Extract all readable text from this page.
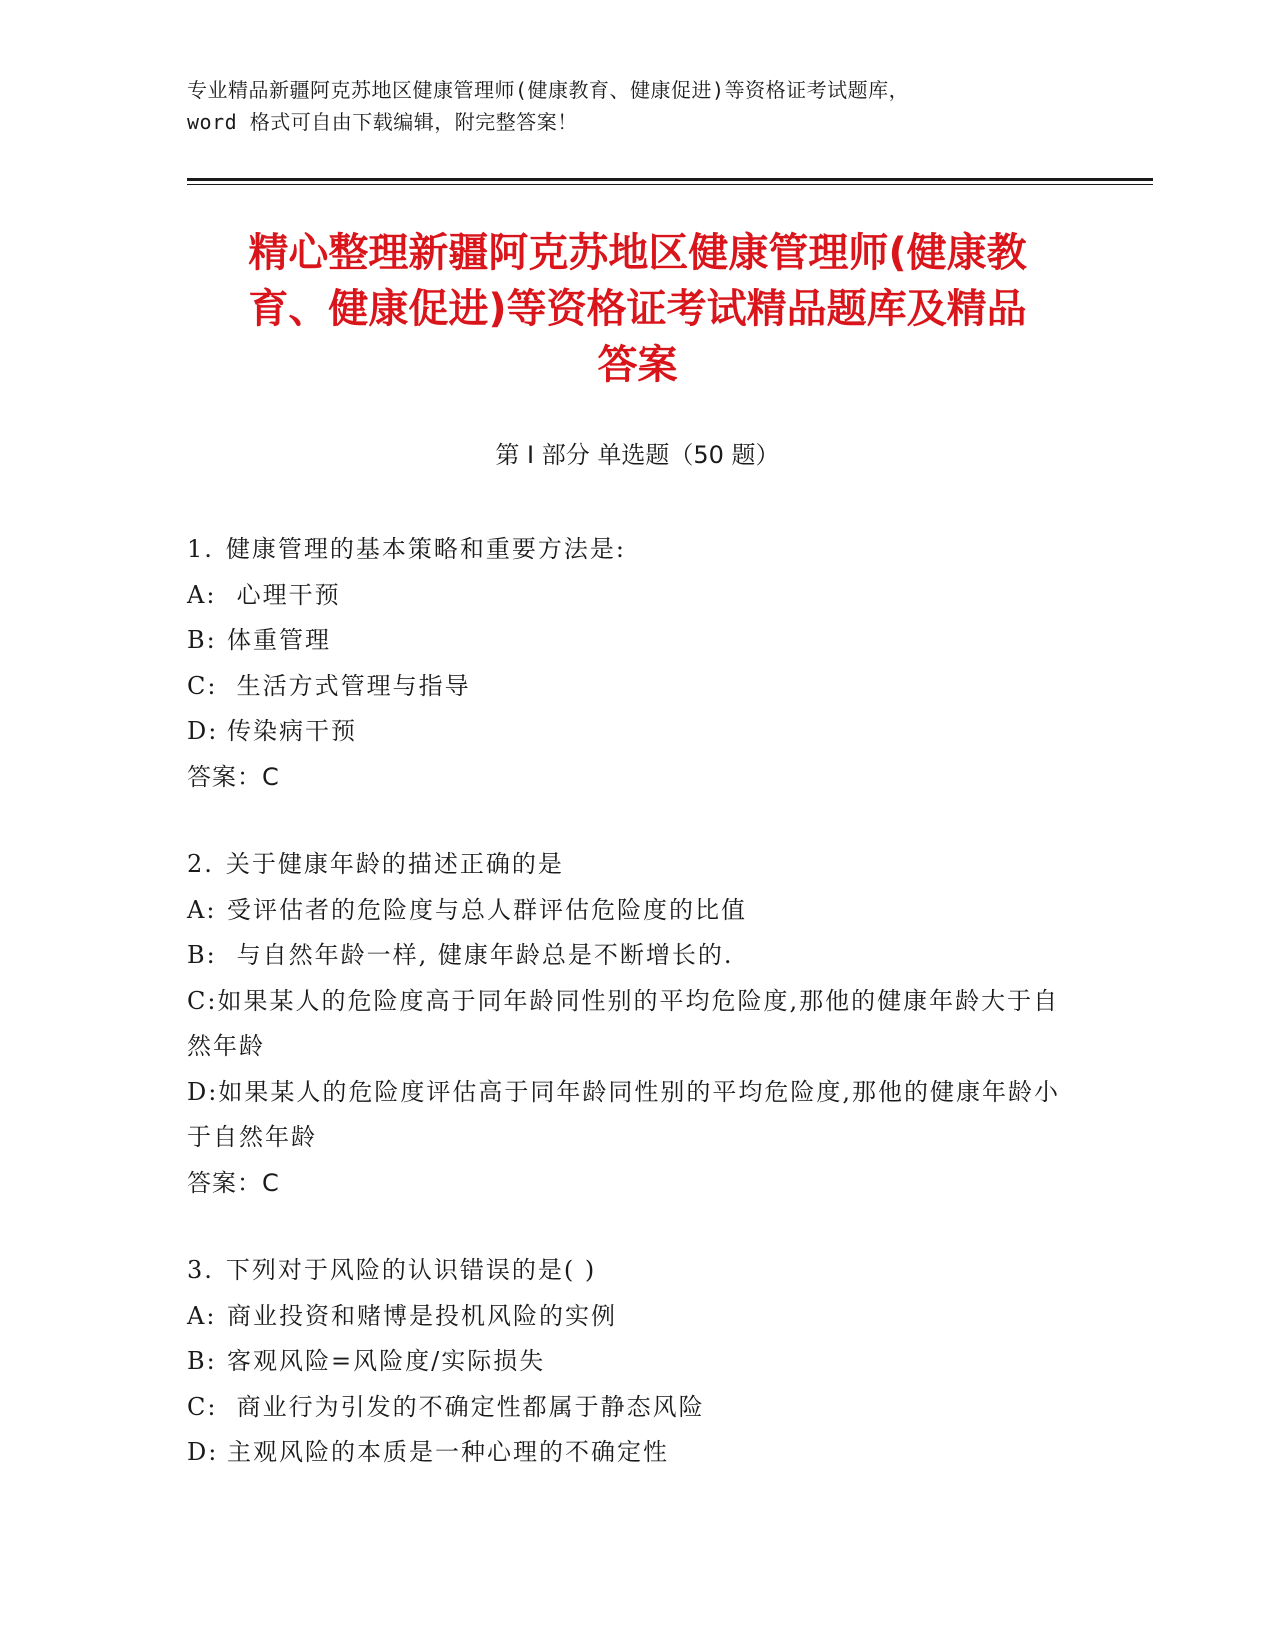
专业精品新疆阿克苏地区健康管理师(健康教育、健康促进)等资格证考试题库，
word 格式可自由下载编辑，附完整答案！
精心整理新疆阿克苏地区健康管理师(健康教
育、健康促进)等资格证考试精品题库及精品
答案
第 I 部分 单选题（50 题）
1. 健康管理的基本策略和重要方法是:
A: 心理干预
B: 体重管理
C: 生活方式管理与指导
D: 传染病干预
答案：C
2. 关于健康年龄的描述正确的是
A: 受评估者的危险度与总人群评估危险度的比值
B: 与自然年龄一样, 健康年龄总是不断增长的.
C:如果某人的危险度高于同年龄同性别的平均危险度,那他的健康年龄大于自然年龄
D:如果某人的危险度评估高于同年龄同性别的平均危险度,那他的健康年龄小于自然年龄
答案：C
3. 下列对于风险的认识错误的是( )
A: 商业投资和赌博是投机风险的实例
B: 客观风险=风险度/实际损失
C: 商业行为引发的不确定性都属于静态风险
D: 主观风险的本质是一种心理的不确定性
